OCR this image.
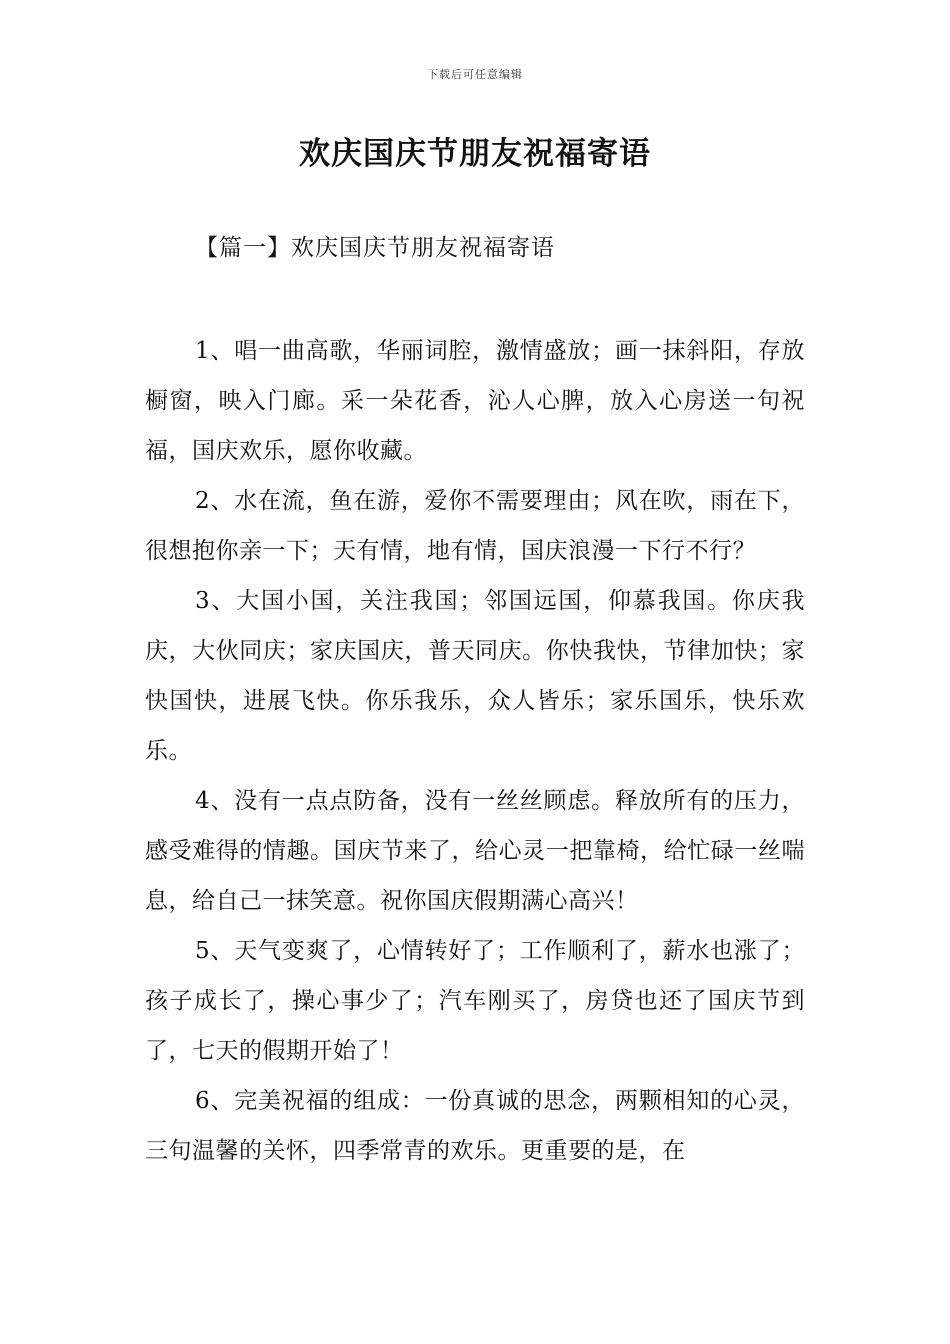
下载后可任意编辑
欢庆国庆节朋友祝福寄语
【篇一】欢庆国庆节朋友祝福寄语

1、唱一曲高歌，华丽词腔，激情盛放；画一抹斜阳，存放橱窗，映入门廊。采一朵花香，沁人心脾，放入心房送一句祝福，国庆欢乐，愿你收藏。

2、水在流，鱼在游，爱你不需要理由；风在吹，雨在下，很想抱你亲一下；天有情，地有情，国庆浪漫一下行不行？

3、大国小国，关注我国；邻国远国，仰慕我国。你庆我庆，大伙同庆；家庆国庆，普天同庆。你快我快，节律加快；家快国快，进展飞快。你乐我乐，众人皆乐；家乐国乐，快乐欢乐。

4、没有一点点防备，没有一丝丝顾虑。释放所有的压力，感受难得的情趣。国庆节来了，给心灵一把靠椅，给忙碌一丝喘息，给自己一抹笑意。祝你国庆假期满心高兴！

5、天气变爽了，心情转好了；工作顺利了，薪水也涨了；孩子成长了，操心事少了；汽车刚买了，房贷也还了国庆节到了，七天的假期开始了！

6、完美祝福的组成：一份真诚的思念，两颗相知的心灵，三句温馨的关怀，四季常青的欢乐。更重要的是，在
